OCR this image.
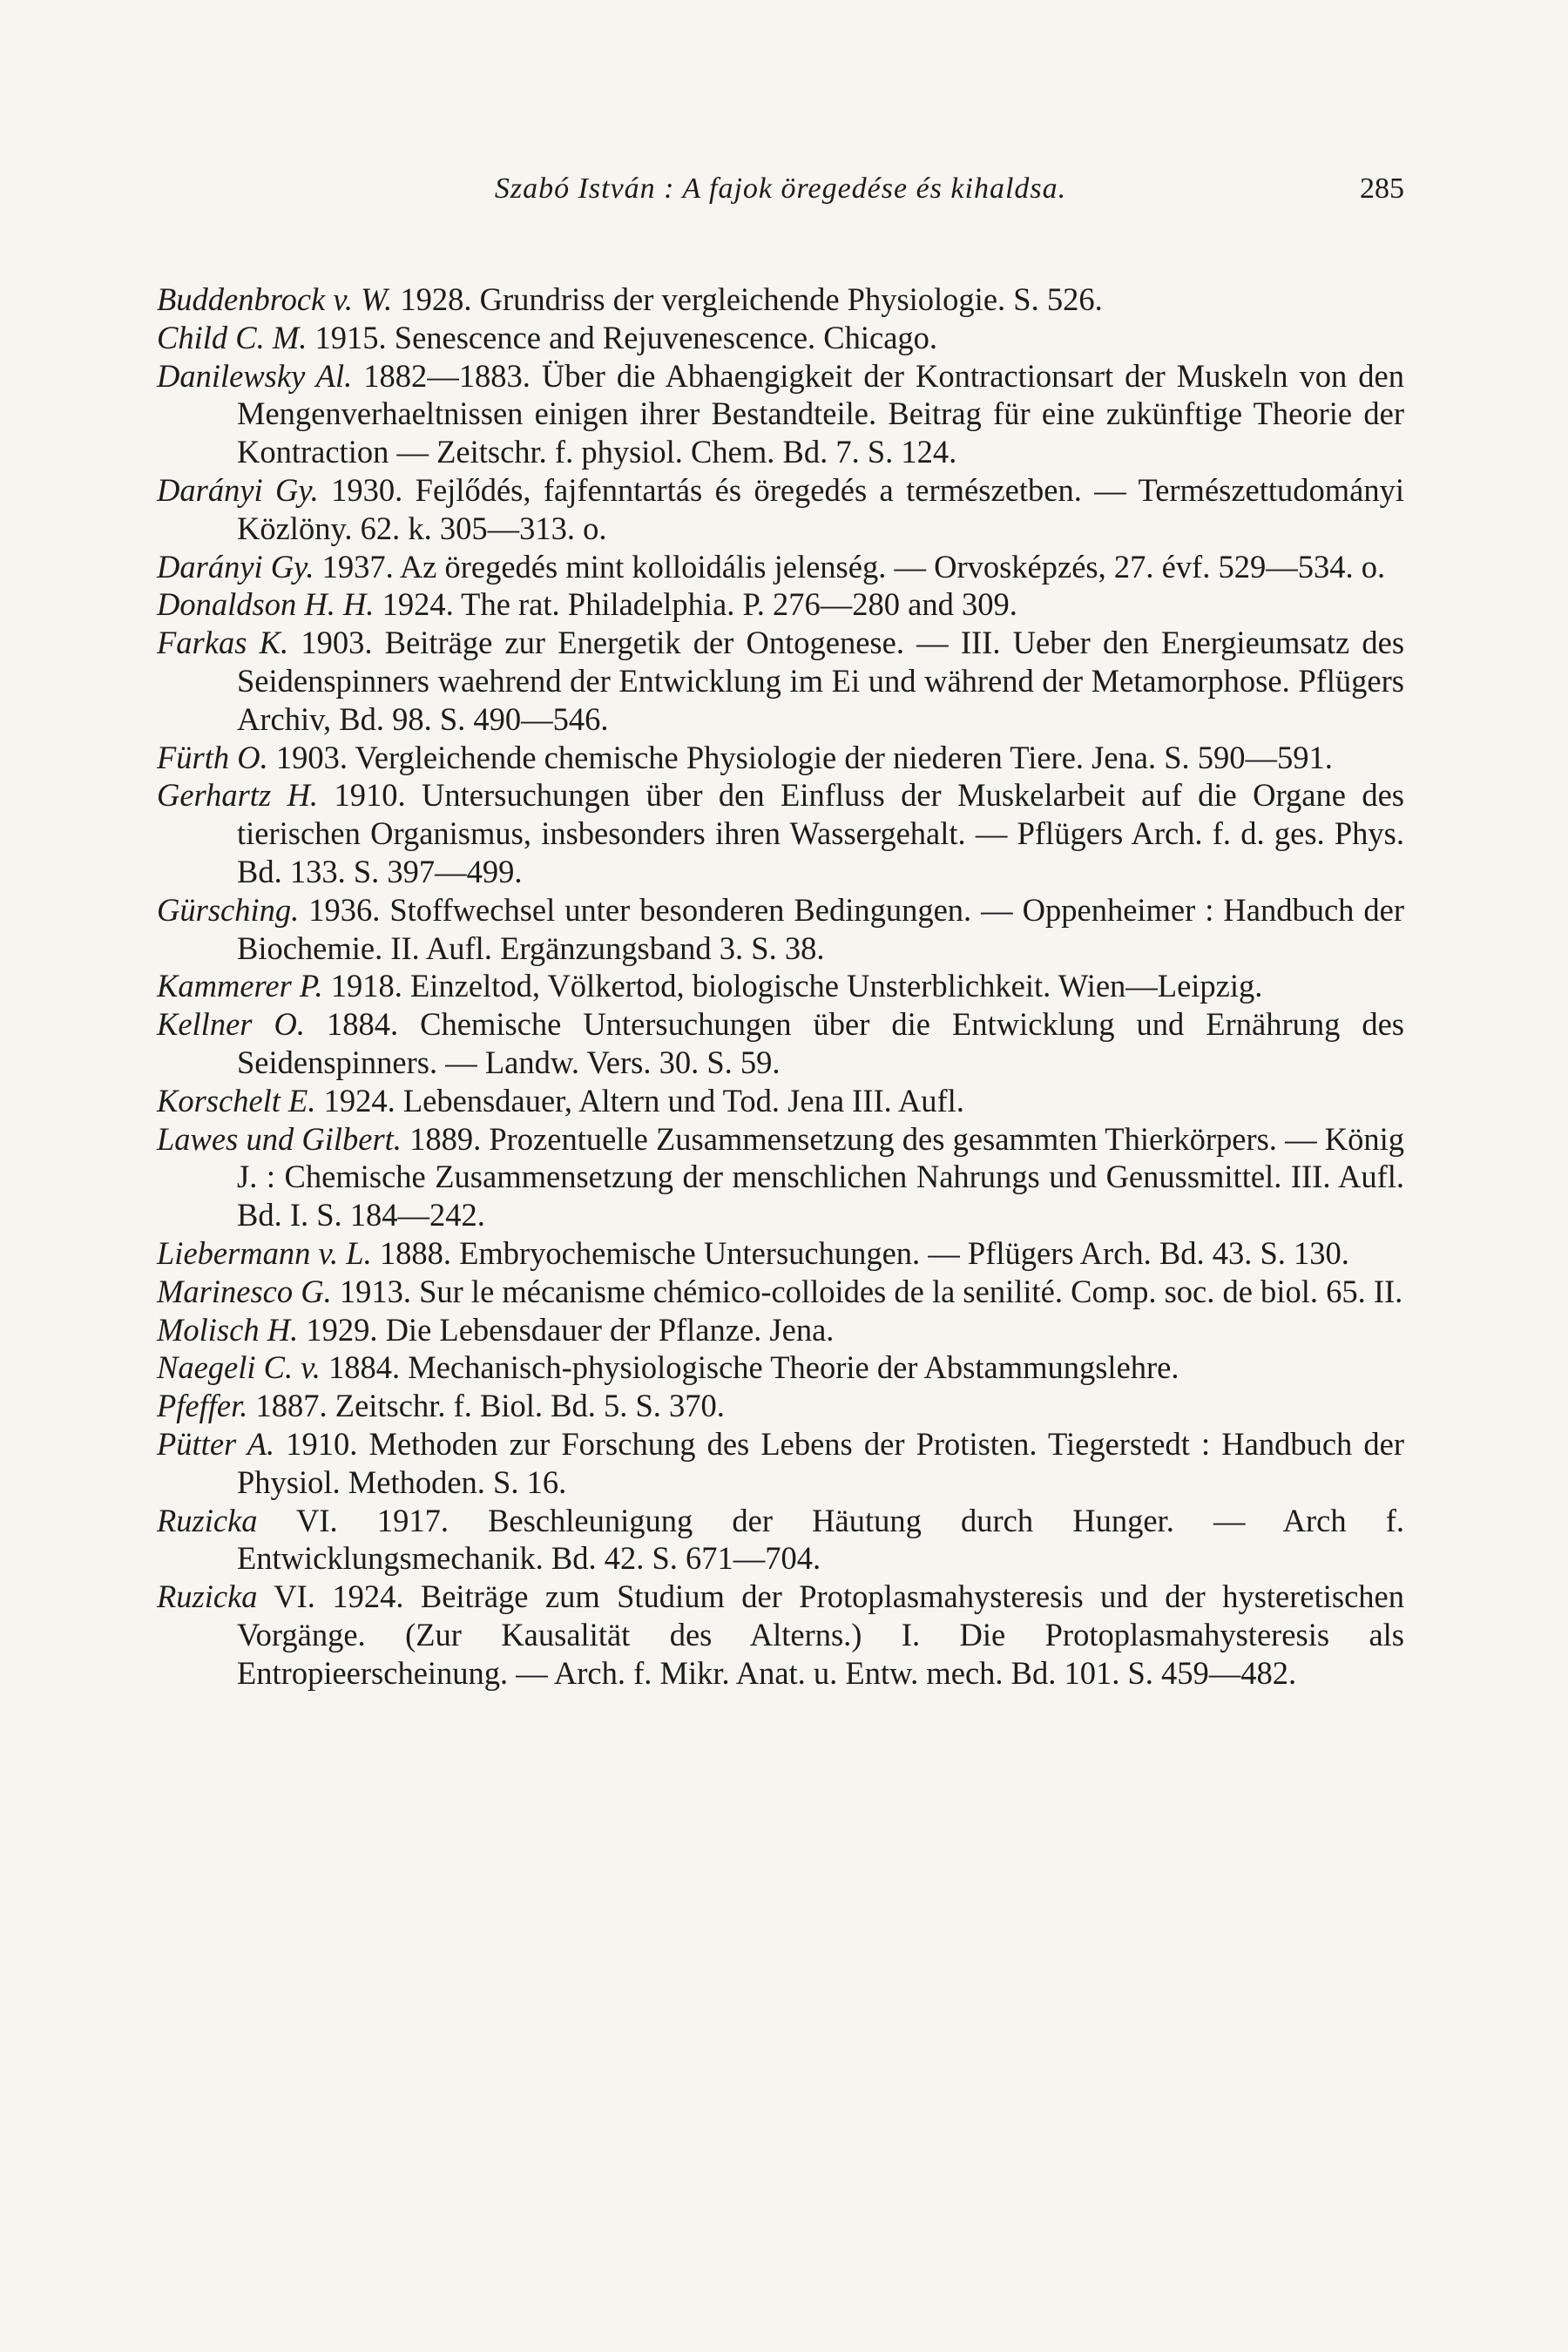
Szabó István : A fajok öregedése és kihaldsa.	285

Buddenbrock v. W. 1928. Grundriss der vergleichende Physiologie. S. 526.

Child C. M. 1915. Senescence and Rejuvenescence. Chicago.

Danilewsky Al. 1882—1883. Über die Abhaengigkeit der Kontractionsart der Muskeln von den Mengenverhaeltnissen einigen ihrer Bestandteile. Beitrag für eine zukünftige Theorie der Kontraction — Zeitschr. f. physiol. Chem. Bd. 7. S. 124.

Darányi Gy. 1930. Fejlődés, fajfenntartás és öregedés a természetben. — Természettudományi Közlöny. 62. k. 305—313. o.

Darányi Gy. 1937. Az öregedés mint kolloidális jelenség. — Orvosképzés, 27. évf. 529—534. o.

Donaldson H. H. 1924. The rat. Philadelphia. P. 276—280 and 309.

Farkas K. 1903. Beiträge zur Energetik der Ontogenese. — III. Ueber den Energieumsatz des Seidenspinners waehrend der Entwicklung im Ei und während der Metamorphose. Pflügers Archiv, Bd. 98. S. 490—546.

Fürth O. 1903. Vergleichende chemische Physiologie der niederen Tiere. Jena. S. 590—591.

Gerhartz H. 1910. Untersuchungen über den Einfluss der Muskelarbeit auf die Organe des tierischen Organismus, insbesonders ihren Wassergehalt. — Pflügers Arch. f. d. ges. Phys. Bd. 133. S. 397—499.

Gürsching. 1936. Stoffwechsel unter besonderen Bedingungen. — Oppenheimer : Handbuch der Biochemie. II. Aufl. Ergänzungsband 3. S. 38.

Kammerer P. 1918. Einzeltod, Völkertod, biologische Unsterblichkeit. Wien—Leipzig.

Kellner O. 1884. Chemische Untersuchungen über die Entwicklung und Ernährung des Seidenspinners. — Landw. Vers. 30. S. 59.

Korschelt E. 1924. Lebensdauer, Altern und Tod. Jena III. Aufl.

Lawes und Gilbert. 1889. Prozentuelle Zusammensetzung des gesammten Thierkörpers. — König J. : Chemische Zusammensetzung der menschlichen Nahrungs und Genussmittel. III. Aufl. Bd. I. S. 184—242.

Liebermann v. L. 1888. Embryochemische Untersuchungen. — Pflügers Arch. Bd. 43. S. 130.

Marinesco G. 1913. Sur le mécanisme chémico-colloides de la senilité. Comp. soc. de biol. 65. II.

Molisch H. 1929. Die Lebensdauer der Pflanze. Jena.

Naegeli C. v. 1884. Mechanisch-physiologische Theorie der Abstammungslehre.

Pfeffer. 1887. Zeitschr. f. Biol. Bd. 5. S. 370.

Pütter A. 1910. Methoden zur Forschung des Lebens der Protisten. Tiegerstedt : Handbuch der Physiol. Methoden. S. 16.

Ruzicka VI. 1917. Beschleunigung der Häutung durch Hunger. — Arch f. Entwicklungsmechanik. Bd. 42. S. 671—704.

Ruzicka VI. 1924. Beiträge zum Studium der Protoplasmahysteresis und der hysteretischen Vorgänge. (Zur Kausalität des Alterns.) I. Die Protoplasmahysteresis als Entropieerscheinung. — Arch. f. Mikr. Anat. u. Entw. mech. Bd. 101. S. 459—482.
